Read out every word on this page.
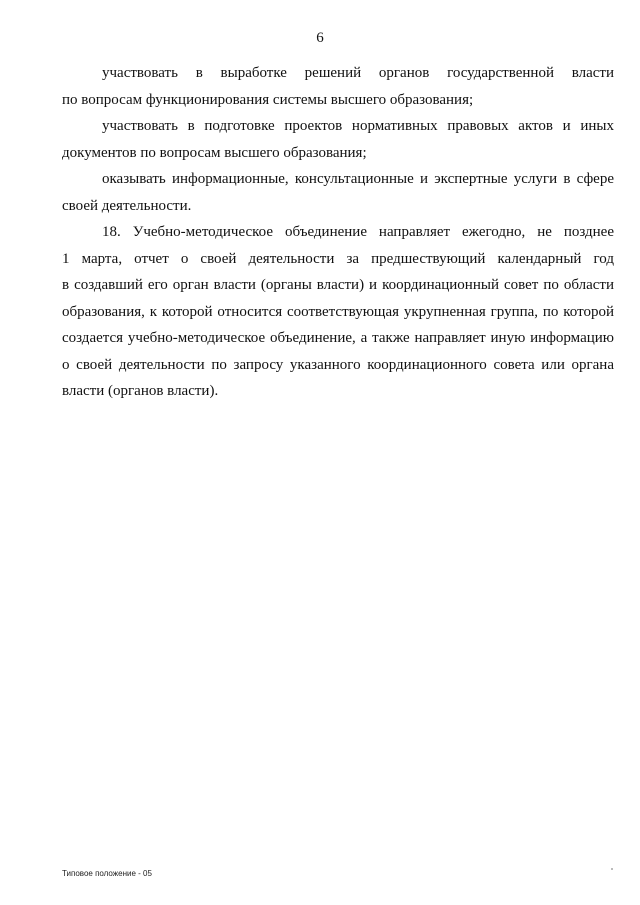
6

участвовать в выработке решений органов государственной власти
по вопросам функционирования системы высшего образования;

участвовать в подготовке проектов нормативных правовых актов и иных
документов по вопросам высшего образования;

оказывать информационные, консультационные и экспертные услуги в сфере
своей деятельности.

18. Учебно-методическое объединение направляет ежегодно, не позднее
1 марта, отчет о своей деятельности за предшествующий календарный год
в создавший его орган власти (органы власти) и координационный совет по области
образования, к которой относится соответствующая укрупненная группа, по которой
создается учебно-методическое объединение, а также направляет иную информацию
о своей деятельности по запросу указанного координационного совета или органа
власти (органов власти).

Типовое положение - 05
